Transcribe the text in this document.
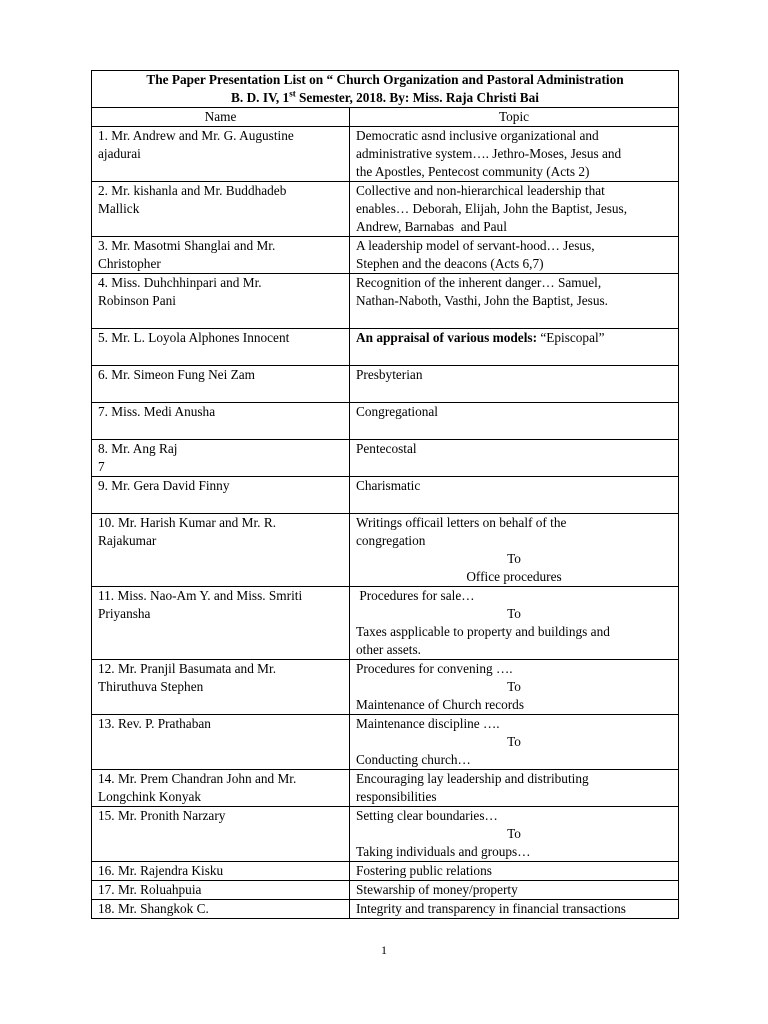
The Paper Presentation List on “ Church Organization and Pastoral Administration
B. D. IV, 1st Semester, 2018. By: Miss. Raja Christi Bai	

Name	Topic

1. Mr. Andrew and Mr. G. Augustine
ajadurai	Democratic asnd inclusive organizational and
administrative system…. Jethro-Moses, Jesus and
the Apostles, Pentecost community (Acts 2)

2. Mr. kishanla and Mr. Buddhadeb
Mallick	Collective and non-hierarchical leadership that
enables… Deborah, Elijah, John the Baptist, Jesus,
Andrew, Barnabas  and Paul

3. Mr. Masotmi Shanglai and Mr.
Christopher	A leadership model of servant-hood… Jesus,
Stephen and the deacons (Acts 6,7)

4. Miss. Duhchhinpari and Mr.
Robinson Pani	Recognition of the inherent danger… Samuel,
Nathan-Naboth, Vasthi, John the Baptist, Jesus.

5. Mr. L. Loyola Alphones Innocent	An appraisal of various models: “Episcopal”

6. Mr. Simeon Fung Nei Zam	Presbyterian

7. Miss. Medi Anusha	Congregational

8. Mr. Ang Raj
7	Pentecostal

9. Mr. Gera David Finny	Charismatic

10. Mr. Harish Kumar and Mr. R.
Rajakumar	Writings officail letters on behalf of the
congregation
To
Office procedures

11. Miss. Nao-Am Y. and Miss. Smriti
Priyansha	Procedures for sale…
To
Taxes aspplicable to property and buildings and
other assets.

12. Mr. Pranjil Basumata and Mr.
Thiruthuva Stephen	Procedures for convening ….
To
Maintenance of Church records

13. Rev. P. Prathaban	Maintenance discipline ….
To
Conducting church…

14. Mr. Prem Chandran John and Mr.
Longchink Konyak	Encouraging lay leadership and distributing
responsibilities

15. Mr. Pronith Narzary	Setting clear boundaries…
To
Taking individuals and groups…

16. Mr. Rajendra Kisku	Fostering public relations

17. Mr. Roluahpuia	Stewarship of money/property

18. Mr. Shangkok C.	Integrity and transparency in financial transactions
1
